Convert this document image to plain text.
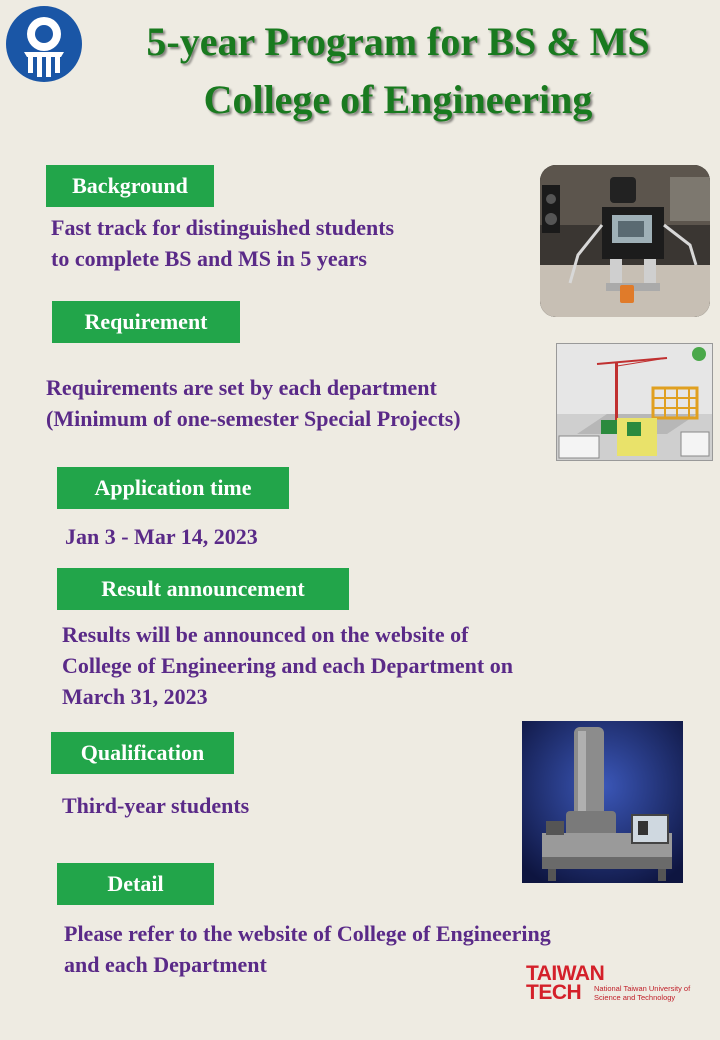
5-year Program for BS & MS
College of Engineering
Background
Fast track for distinguished students
to complete BS and MS in 5 years
Requirement
Requirements are set by each department
(Minimum of one-semester Special Projects)
Application time
Jan 3 - Mar 14, 2023
Result announcement
Results will be announced on the website of
College of Engineering and each Department on
March 31, 2023
Qualification
Third-year students
Detail
Please refer to the website of College of Engineering
and each Department	TAIWAN
TECH National Taiwan University of
Science and Technology
